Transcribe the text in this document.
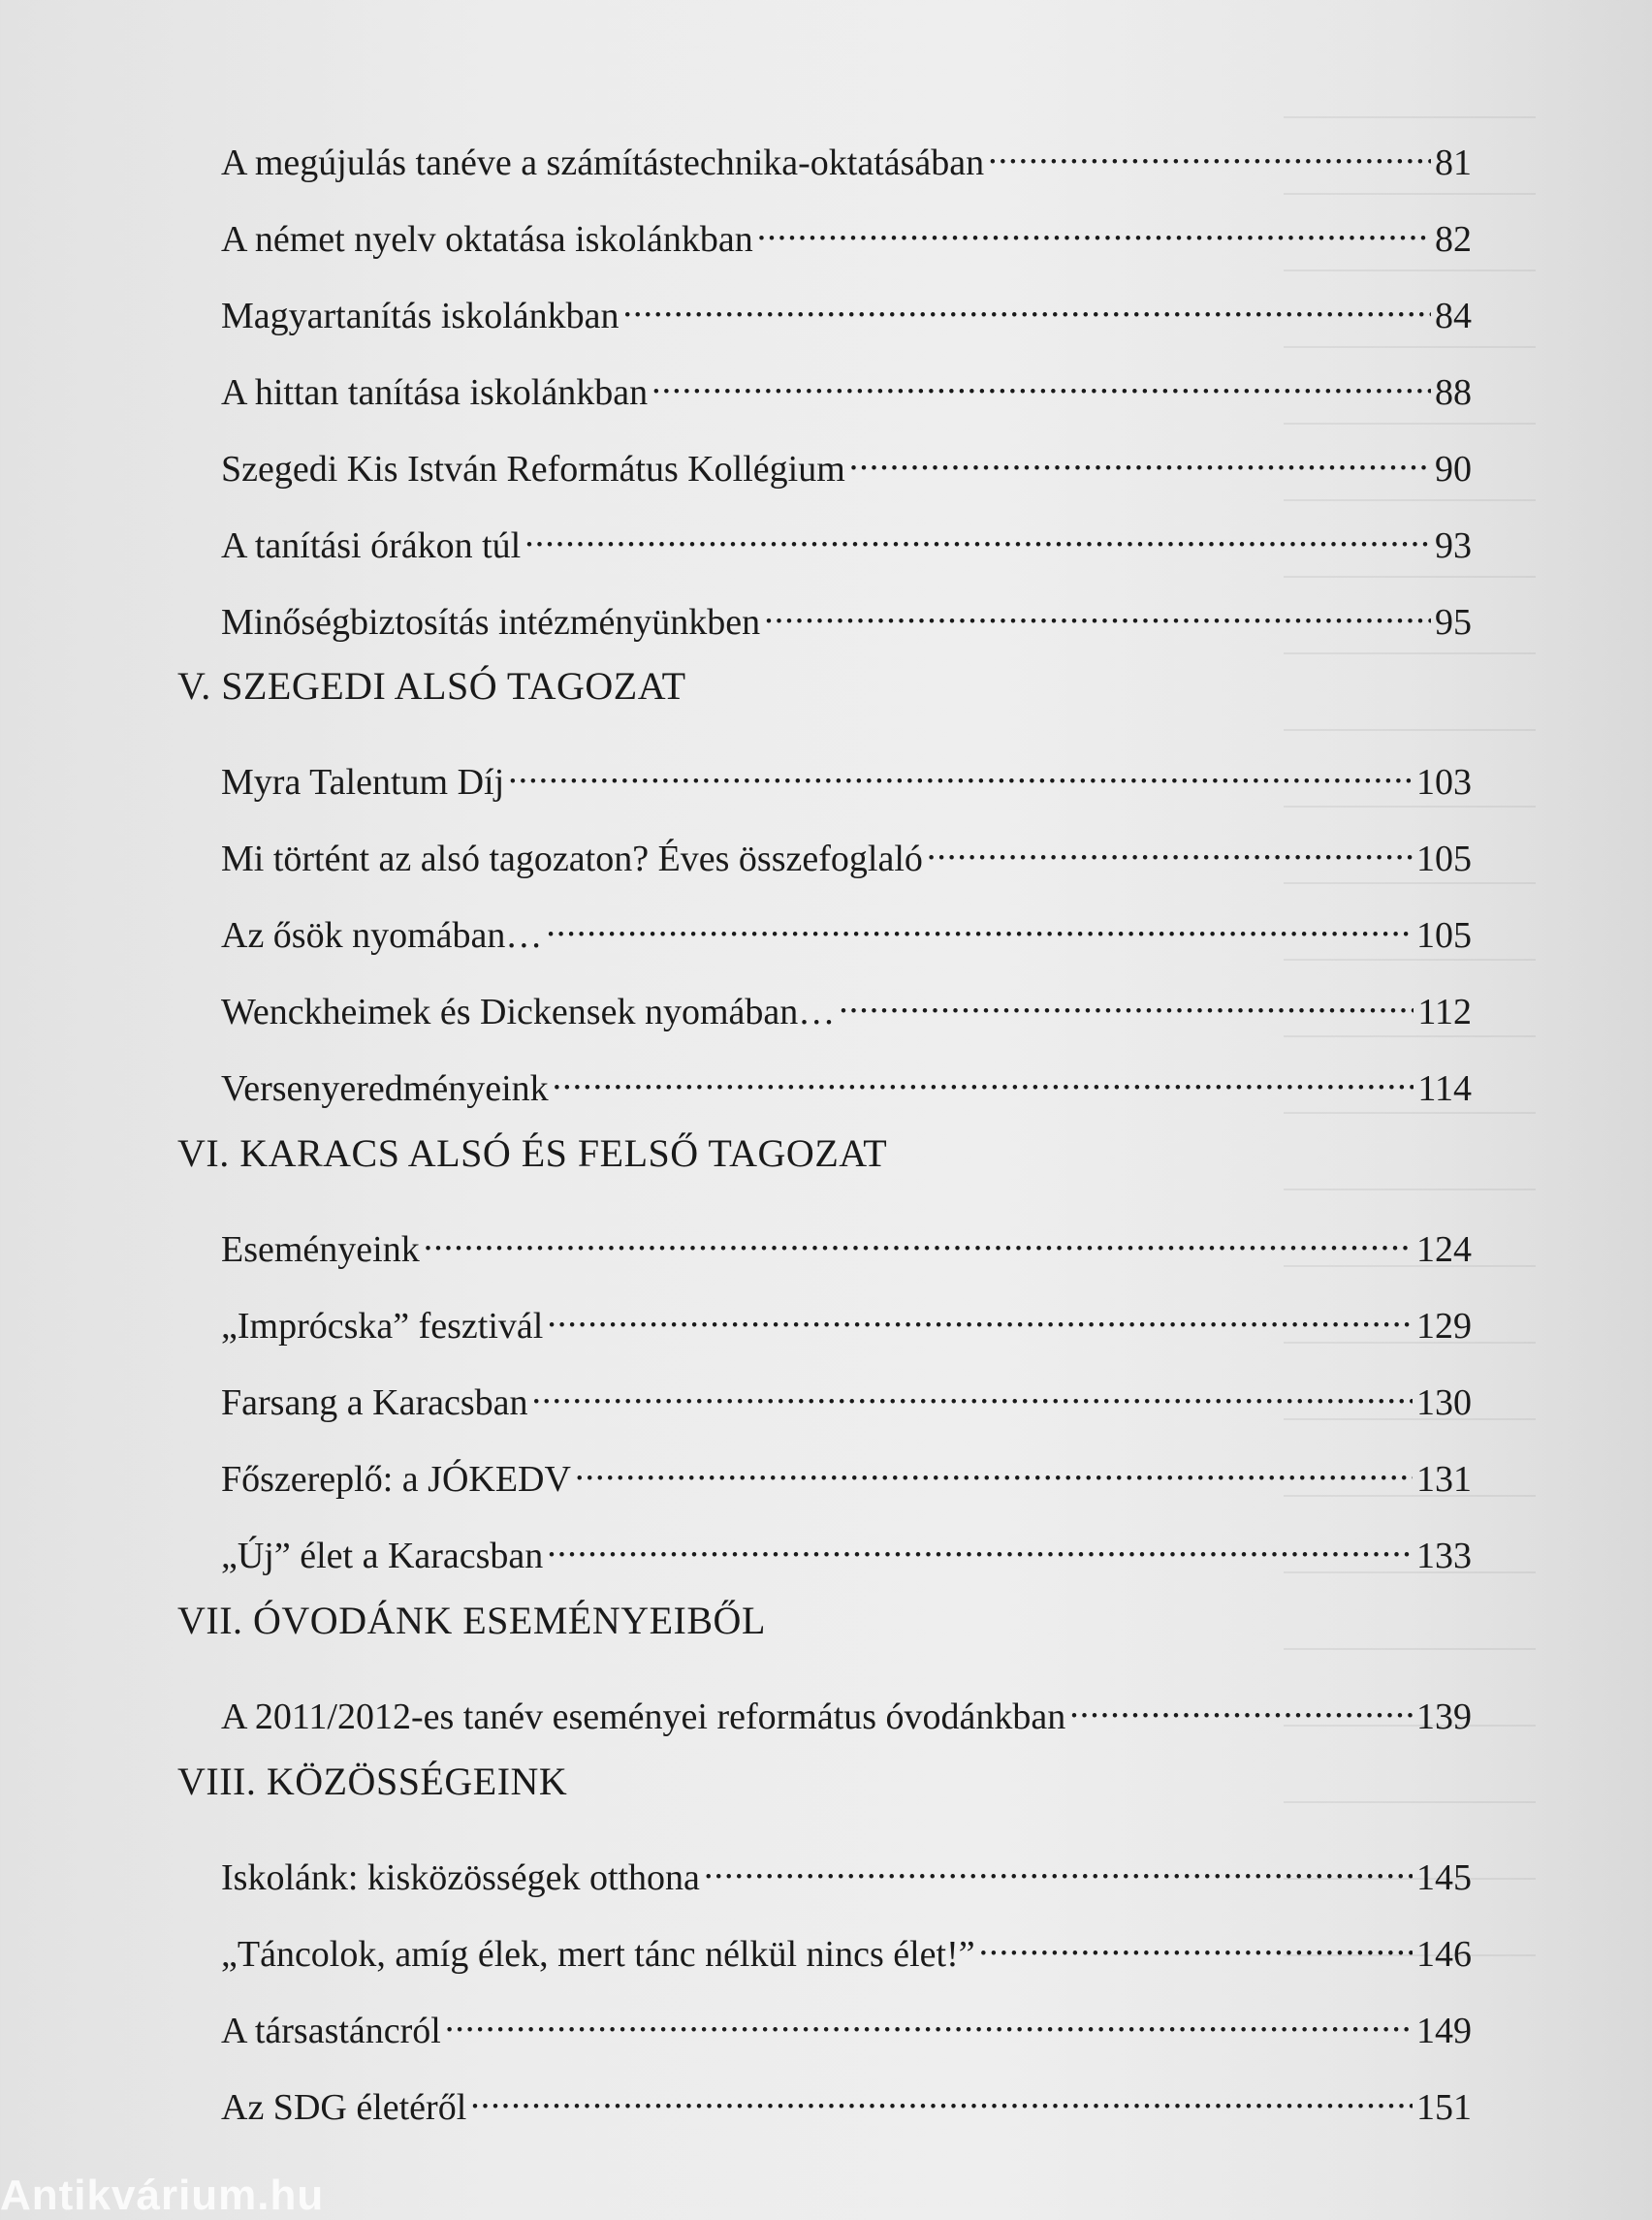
A megújulás tanéve a számítástechnika-oktatásában .....	81
A német nyelv oktatása iskolánkban .....	82
Magyartanítás iskolánkban .....	84
A hittan tanítása iskolánkban .....	88
Szegedi Kis István Református Kollégium .....	90
A tanítási órákon túl .....	93
Minőségbiztosítás intézményünkben .....	95
V. SZEGEDI ALSÓ TAGOZAT
Myra Talentum Díj .....	103
Mi történt az alsó tagozaton? Éves összefoglaló .....	105
Az ősök nyomában… .....	105
Wenckheimek és Dickensek nyomában… .....	112
Versenyeredményeink .....	114
VI. KARACS ALSÓ ÉS FELSŐ TAGOZAT
Eseményeink .....	124
„Imprócska” fesztivál .....	129
Farsang a Karacsban .....	130
Főszereplő: a JÓKEDV .....	131
„Új” élet a Karacsban .....	133
VII. ÓVODÁNK ESEMÉNYEIBŐL
A 2011/2012-es tanév eseményei református óvodánkban .....	139
VIII. KÖZÖSSÉGEINK
Iskolánk: kisközösségek otthona .....	145
„Táncolok, amíg élek, mert tánc nélkül nincs élet!” .....	146
A társastáncról .....	149
Az SDG életéről .....	151
Antikvárium.hu
